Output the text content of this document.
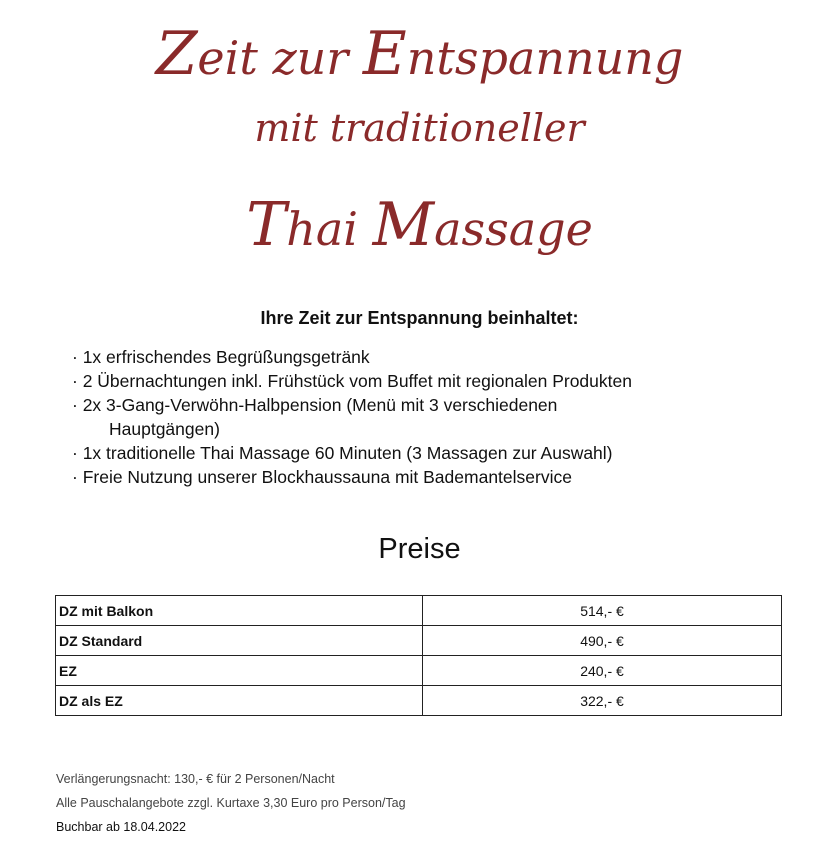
Zeit zur Entspannung
mit traditioneller
Thai Massage
Ihre Zeit zur Entspannung beinhaltet:
· 1x erfrischendes Begrüßungsgetränk
· 2 Übernachtungen inkl. Frühstück vom Buffet mit regionalen Produkten
· 2x 3-Gang-Verwöhn-Halbpension (Menü mit 3 verschiedenen
Hauptgängen)
· 1x traditionelle Thai Massage 60 Minuten (3 Massagen zur Auswahl)
· Freie Nutzung unserer Blockhaussauna mit Bademantelservice
Preise
DZ mit Balkon	514,- €
DZ Standard	490,- €
EZ	240,- €
DZ als EZ	322,- €
Verlängerungsnacht: 130,- € für 2 Personen/Nacht
Alle Pauschalangebote zzgl. Kurtaxe 3,30 Euro pro Person/Tag
Buchbar ab 18.04.2022
